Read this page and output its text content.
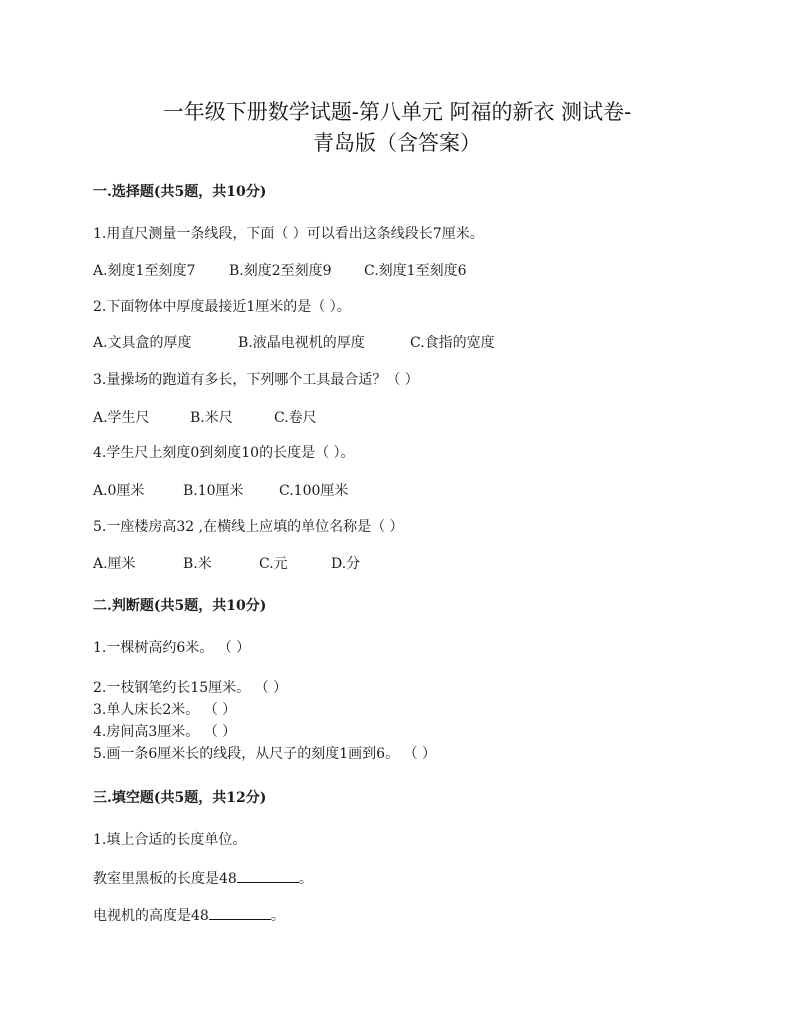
一年级下册数学试题-第八单元 阿福的新衣 测试卷-
青岛版（含答案）
一.选择题(共5题，共10分)
1.用直尺测量一条线段，下面（ ）可以看出这条线段长7厘米。
A.刻度1至刻度7 B.刻度2至刻度9 C.刻度1至刻度6
2.下面物体中厚度最接近1厘米的是（ ）。
A.文具盒的厚度	B.液晶电视机的厚度	C.食指的宽度
3.量操场的跑道有多长，下列哪个工具最合适？（ ）
A.学生尺	B.米尺	C.卷尺
4.学生尺上刻度0到刻度10的长度是（ ）。
A.0厘米	B.10厘米	C.100厘米
5.一座楼房高32 ,在横线上应填的单位名称是（ ）
A.厘米	B.米	C.元	D.分
二.判断题(共5题，共10分)
1.一棵树高约6米。 （ ）
2.一枝钢笔约长15厘米。 （ ）
3.单人床长2米。 （ ）
4.房间高3厘米。 （ ）
5.画一条6厘米长的线段，从尺子的刻度1画到6。 （ ）
三.填空题(共5题，共12分)
1.填上合适的长度单位。
教室里黑板的长度是48	。
电视机的高度是48	。
